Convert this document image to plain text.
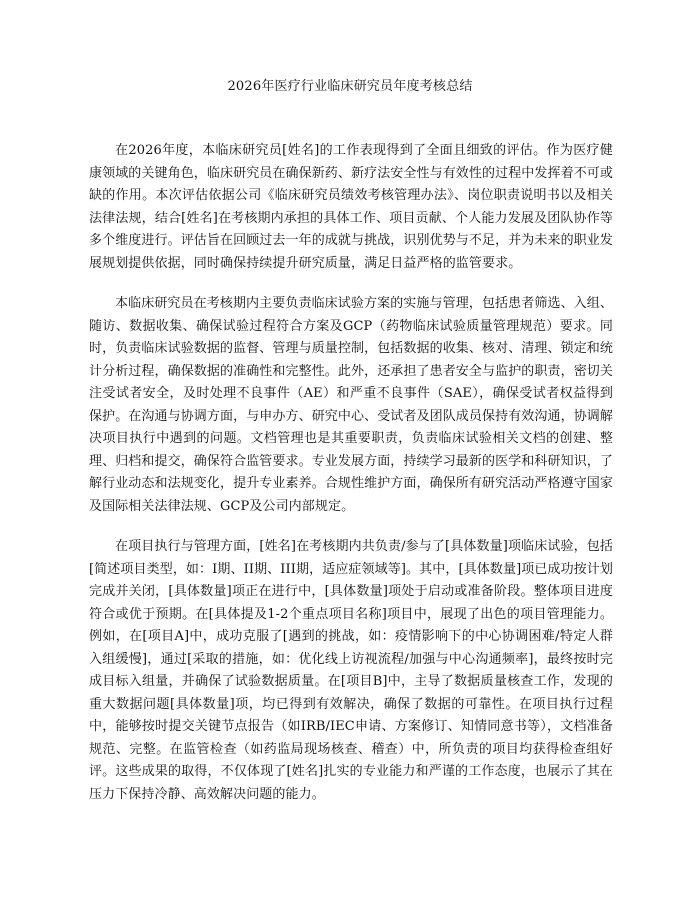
2026年医疗行业临床研究员年度考核总结

在2026年度，本临床研究员[姓名]的工作表现得到了全面且细致的评估。作为医疗健康领域的关键角色，临床研究员在确保新药、新疗法安全性与有效性的过程中发挥着不可或缺的作用。本次评估依据公司《临床研究员绩效考核管理办法》、岗位职责说明书以及相关法律法规，结合[姓名]在考核期内承担的具体工作、项目贡献、个人能力发展及团队协作等多个维度进行。评估旨在回顾过去一年的成就与挑战，识别优势与不足，并为未来的职业发展规划提供依据，同时确保持续提升研究质量，满足日益严格的监管要求。

本临床研究员在考核期内主要负责临床试验方案的实施与管理，包括患者筛选、入组、随访、数据收集、确保试验过程符合方案及GCP（药物临床试验质量管理规范）要求。同时，负责临床试验数据的监督、管理与质量控制，包括数据的收集、核对、清理、锁定和统计分析过程，确保数据的准确性和完整性。此外，还承担了患者安全与监护的职责，密切关注受试者安全，及时处理不良事件（AE）和严重不良事件（SAE），确保受试者权益得到保护。在沟通与协调方面，与申办方、研究中心、受试者及团队成员保持有效沟通，协调解决项目执行中遇到的问题。文档管理也是其重要职责，负责临床试验相关文档的创建、整理、归档和提交，确保符合监管要求。专业发展方面，持续学习最新的医学和科研知识，了解行业动态和法规变化，提升专业素养。合规性维护方面，确保所有研究活动严格遵守国家及国际相关法律法规、GCP及公司内部规定。

在项目执行与管理方面，[姓名]在考核期内共负责/参与了[具体数量]项临床试验，包括[简述项目类型，如：I期、II期、III期，适应症领域等]。其中，[具体数量]项已成功按计划完成并关闭，[具体数量]项正在进行中，[具体数量]项处于启动或准备阶段。整体项目进度符合或优于预期。在[具体提及1-2个重点项目名称]项目中，展现了出色的项目管理能力。例如，在[项目A]中，成功克服了[遇到的挑战，如：疫情影响下的中心协调困难/特定人群入组缓慢]，通过[采取的措施，如：优化线上访视流程/加强与中心沟通频率]，最终按时完成目标入组量，并确保了试验数据质量。在[项目B]中，主导了数据质量核查工作，发现的重大数据问题[具体数量]项，均已得到有效解决，确保了数据的可靠性。在项目执行过程中，能够按时提交关键节点报告（如IRB/IEC申请、方案修订、知情同意书等），文档准备规范、完整。在监管检查（如药监局现场核查、稽查）中，所负责的项目均获得检查组好评。这些成果的取得，不仅体现了[姓名]扎实的专业能力和严谨的工作态度，也展示了其在压力下保持冷静、高效解决问题的能力。
